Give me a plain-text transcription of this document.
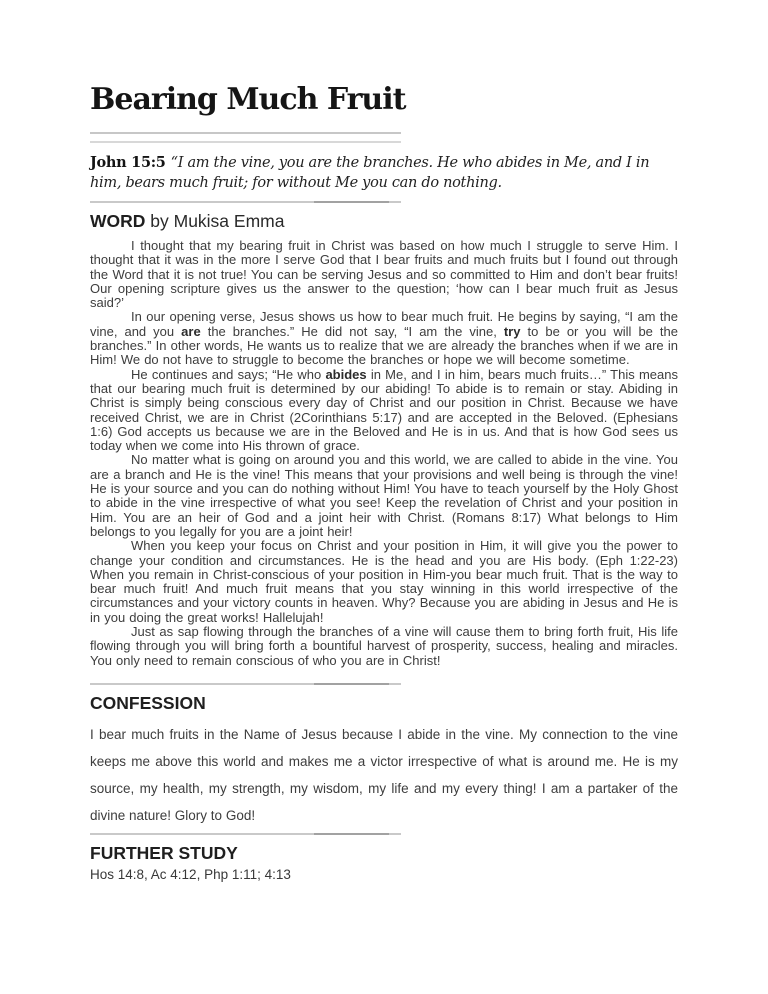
Bearing Much Fruit

John 15:5 “I am the vine, you are the branches. He who abides in Me, and I in him, bears much fruit; for without Me you can do nothing.

WORD by Mukisa Emma

I thought that my bearing fruit in Christ was based on how much I struggle to serve Him. I thought that it was in the more I serve God that I bear fruits and much fruits but I found out through the Word that it is not true! You can be serving Jesus and so committed to Him and don’t bear fruits! Our opening scripture gives us the answer to the question; ‘how can I bear much fruit as Jesus said?’

In our opening verse, Jesus shows us how to bear much fruit. He begins by saying, “I am the vine, and you are the branches.” He did not say, “I am the vine, try to be or you will be the branches.” In other words, He wants us to realize that we are already the branches when if we are in Him! We do not have to struggle to become the branches or hope we will become sometime.

He continues and says; “He who abides in Me, and I in him, bears much fruits…” This means that our bearing much fruit is determined by our abiding! To abide is to remain or stay. Abiding in Christ is simply being conscious every day of Christ and our position in Christ. Because we have received Christ, we are in Christ (2Corinthians 5:17) and are accepted in the Beloved. (Ephesians 1:6) God accepts us because we are in the Beloved and He is in us. And that is how God sees us today when we come into His thrown of grace.

No matter what is going on around you and this world, we are called to abide in the vine. You are a branch and He is the vine! This means that your provisions and well being is through the vine! He is your source and you can do nothing without Him! You have to teach yourself by the Holy Ghost to abide in the vine irrespective of what you see! Keep the revelation of Christ and your position in Him. You are an heir of God and a joint heir with Christ. (Romans 8:17) What belongs to Him belongs to you legally for you are a joint heir!

When you keep your focus on Christ and your position in Him, it will give you the power to change your condition and circumstances. He is the head and you are His body. (Eph 1:22-23) When you remain in Christ-conscious of your position in Him-you bear much fruit. That is the way to bear much fruit! And much fruit means that you stay winning in this world irrespective of the circumstances and your victory counts in heaven. Why? Because you are abiding in Jesus and He is in you doing the great works! Hallelujah!

Just as sap flowing through the branches of a vine will cause them to bring forth fruit, His life flowing through you will bring forth a bountiful harvest of prosperity, success, healing and miracles. You only need to remain conscious of who you are in Christ!

CONFESSION

I bear much fruits in the Name of Jesus because I abide in the vine. My connection to the vine keeps me above this world and makes me a victor irrespective of what is around me. He is my source, my health, my strength, my wisdom, my life and my every thing! I am a partaker of the divine nature! Glory to God!

FURTHER STUDY

Hos 14:8, Ac 4:12, Php 1:11; 4:13
